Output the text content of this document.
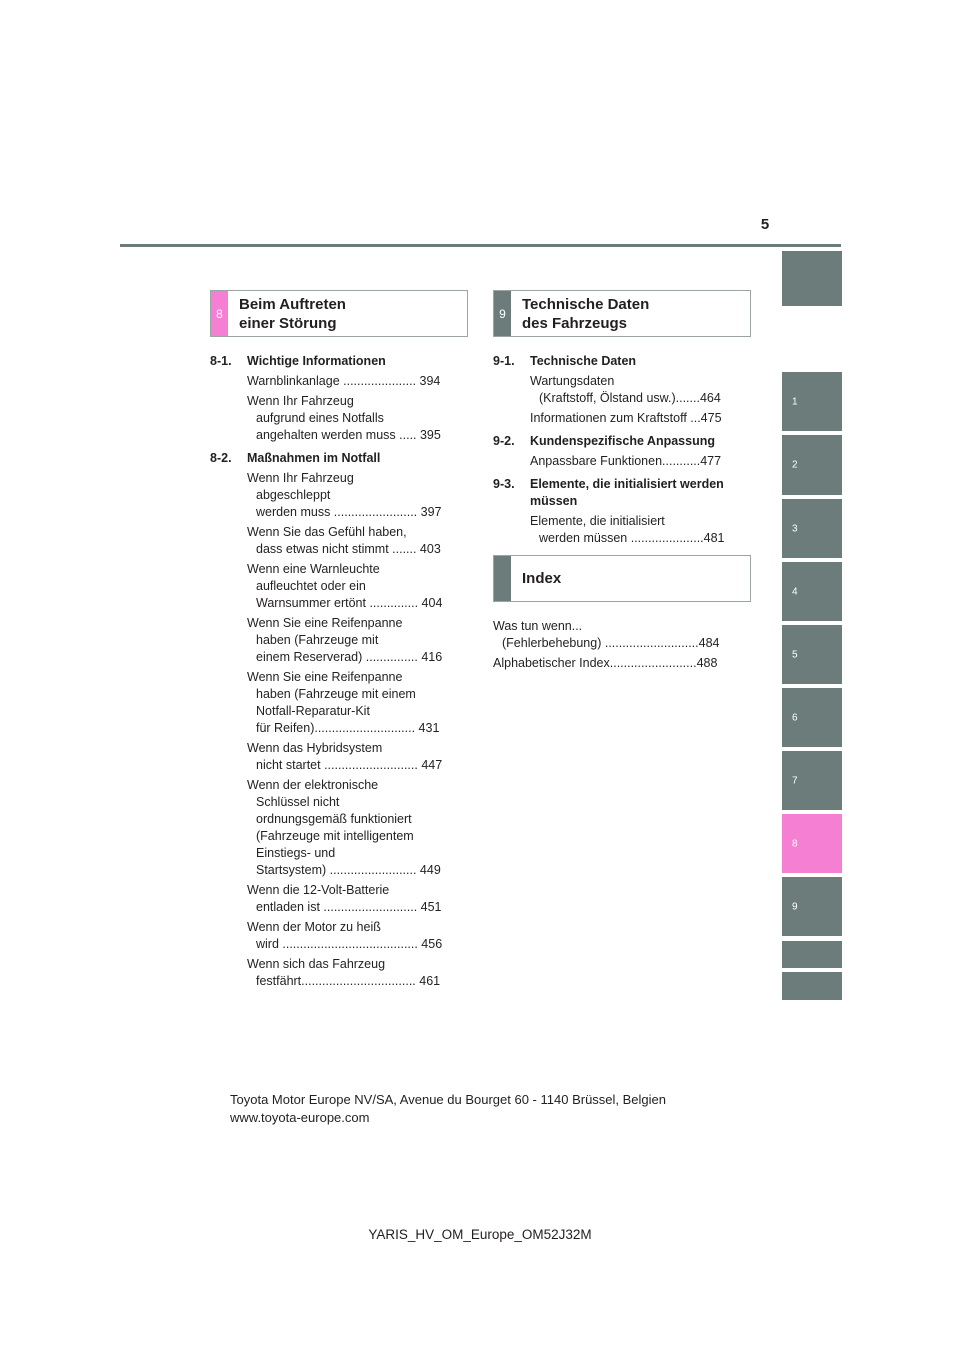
5
1
2
3
4
5
6
7
8
9
8
Beim Auftreten
einer Störung
9
Technische Daten
des Fahrzeugs
8-1.	Wichtige Informationen
Warnblinkanlage ..................... 394
Wenn Ihr Fahrzeug
aufgrund eines Notfalls
angehalten werden muss ..... 395
8-2.	Maßnahmen im Notfall
Wenn Ihr Fahrzeug
abgeschleppt
werden muss ........................ 397
Wenn Sie das Gefühl haben,
dass etwas nicht stimmt ....... 403
Wenn eine Warnleuchte
aufleuchtet oder ein
Warnsummer ertönt .............. 404
Wenn Sie eine Reifenpanne
haben (Fahrzeuge mit
einem Reserverad) ............... 416
Wenn Sie eine Reifenpanne
haben (Fahrzeuge mit einem
Notfall-Reparatur-Kit
für Reifen)............................. 431
Wenn das Hybridsystem
nicht startet ........................... 447
Wenn der elektronische
Schlüssel nicht
ordnungsgemäß funktioniert
(Fahrzeuge mit intelligentem
Einstiegs- und
Startsystem) ......................... 449
Wenn die 12-Volt-Batterie
entladen ist ........................... 451
Wenn der Motor zu heiß
wird ....................................... 456
Wenn sich das Fahrzeug
festfährt................................. 461
9-1.	Technische Daten
Wartungsdaten
(Kraftstoff, Ölstand usw.).......464
Informationen zum Kraftstoff ...475
9-2.	Kundenspezifische Anpassung
Anpassbare Funktionen...........477
9-3.	Elemente, die initialisiert werden
müssen
Elemente, die initialisiert
werden müssen .....................481
Index
Was tun wenn...
(Fehlerbehebung) ...........................484
Alphabetischer Index.........................488
Toyota Motor Europe NV/SA, Avenue du Bourget 60 - 1140 Brüssel, Belgien
www.toyota-europe.com
YARIS_HV_OM_Europe_OM52J32M
